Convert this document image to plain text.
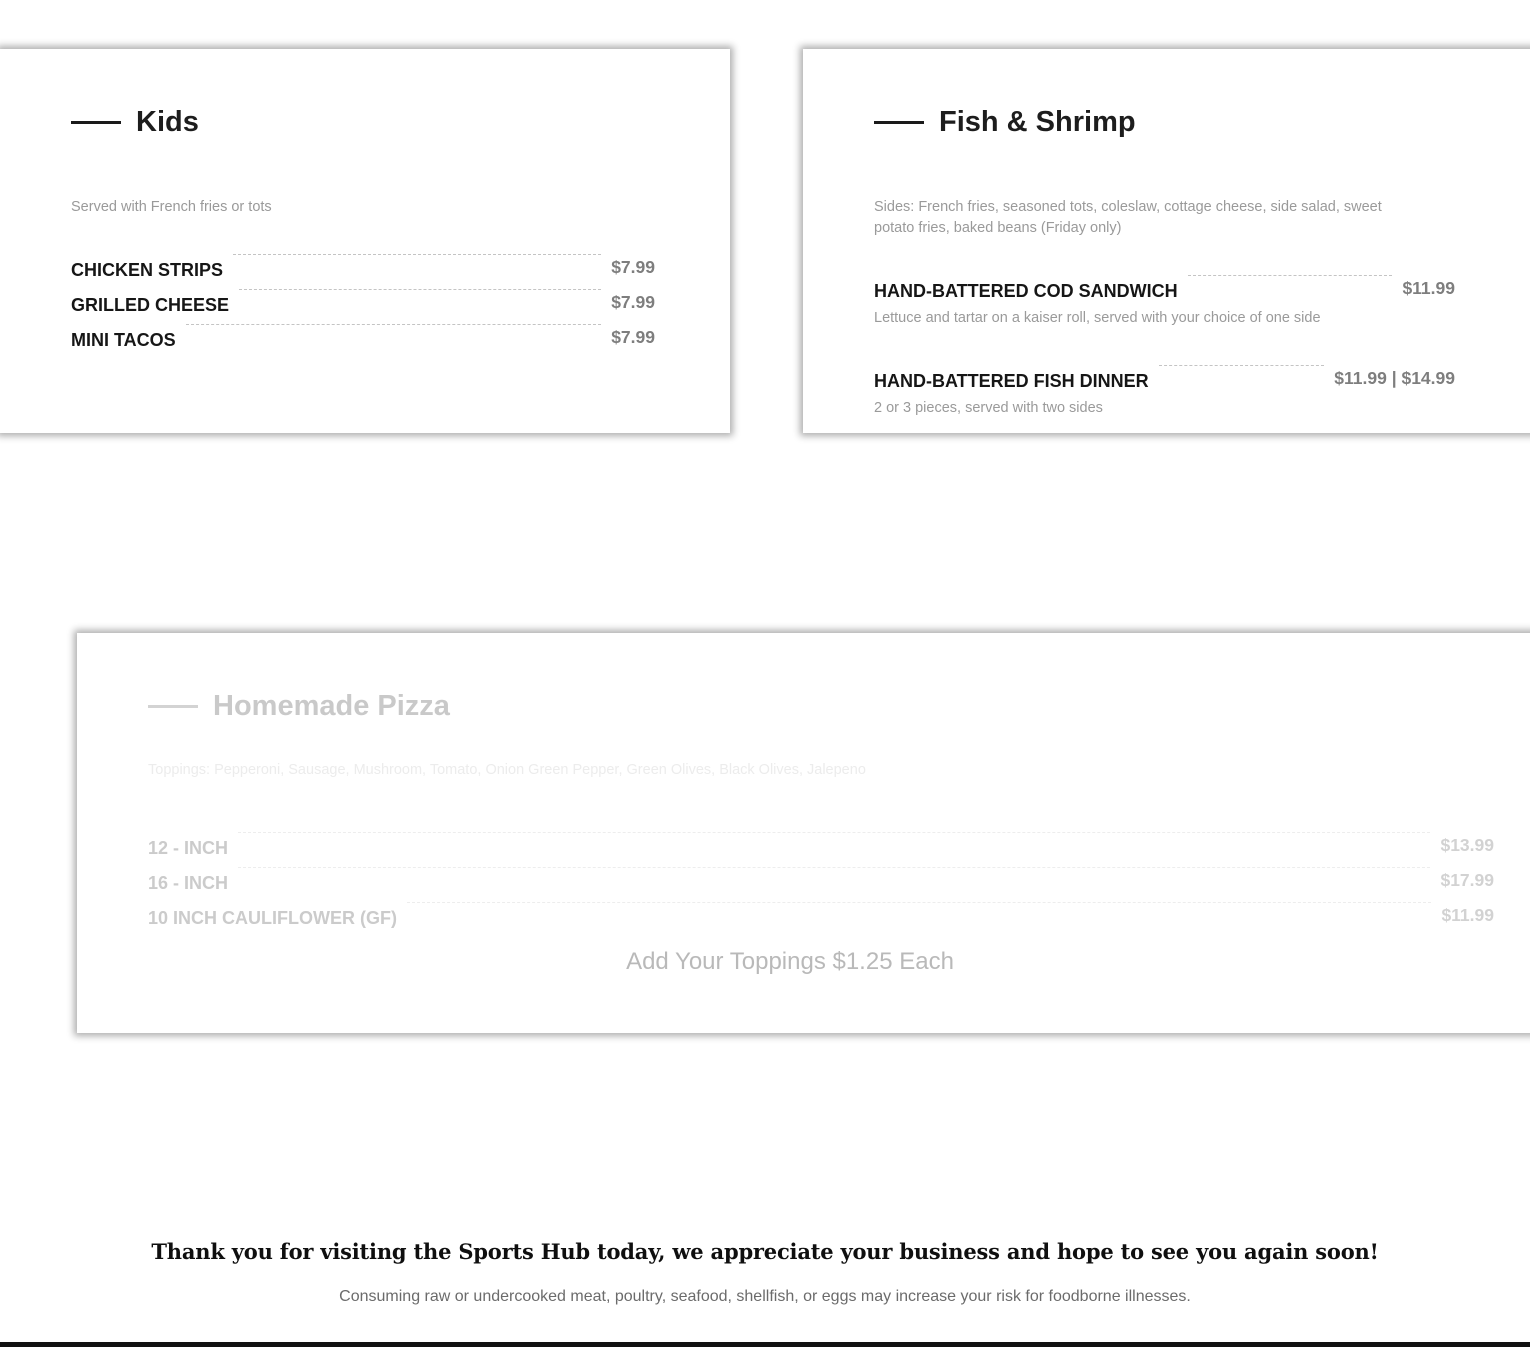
Kids
Served with French fries or tots
CHICKEN STRIPS	$7.99
GRILLED CHEESE	$7.99
MINI TACOS	$7.99
Fish & Shrimp
Sides: French fries, seasoned tots, coleslaw, cottage cheese, side salad, sweet potato fries, baked beans (Friday only)
HAND-BATTERED COD SANDWICH	$11.99
Lettuce and tartar on a kaiser roll, served with your choice of one side
HAND-BATTERED FISH DINNER	$11.99 | $14.99
2 or 3 pieces, served with two sides
Homemade Pizza
Toppings: Pepperoni, Sausage, Mushroom, Tomato, Onion Green Pepper, Green Olives, Black Olives, Jalepeno
12 - INCH	$13.99
16 - INCH	$17.99
10 INCH CAULIFLOWER (GF)	$11.99
Add Your Toppings $1.25 Each
Thank you for visiting the Sports Hub today, we appreciate your business and hope to see you again soon!
Consuming raw or undercooked meat, poultry, seafood, shellfish, or eggs may increase your risk for foodborne illnesses.
